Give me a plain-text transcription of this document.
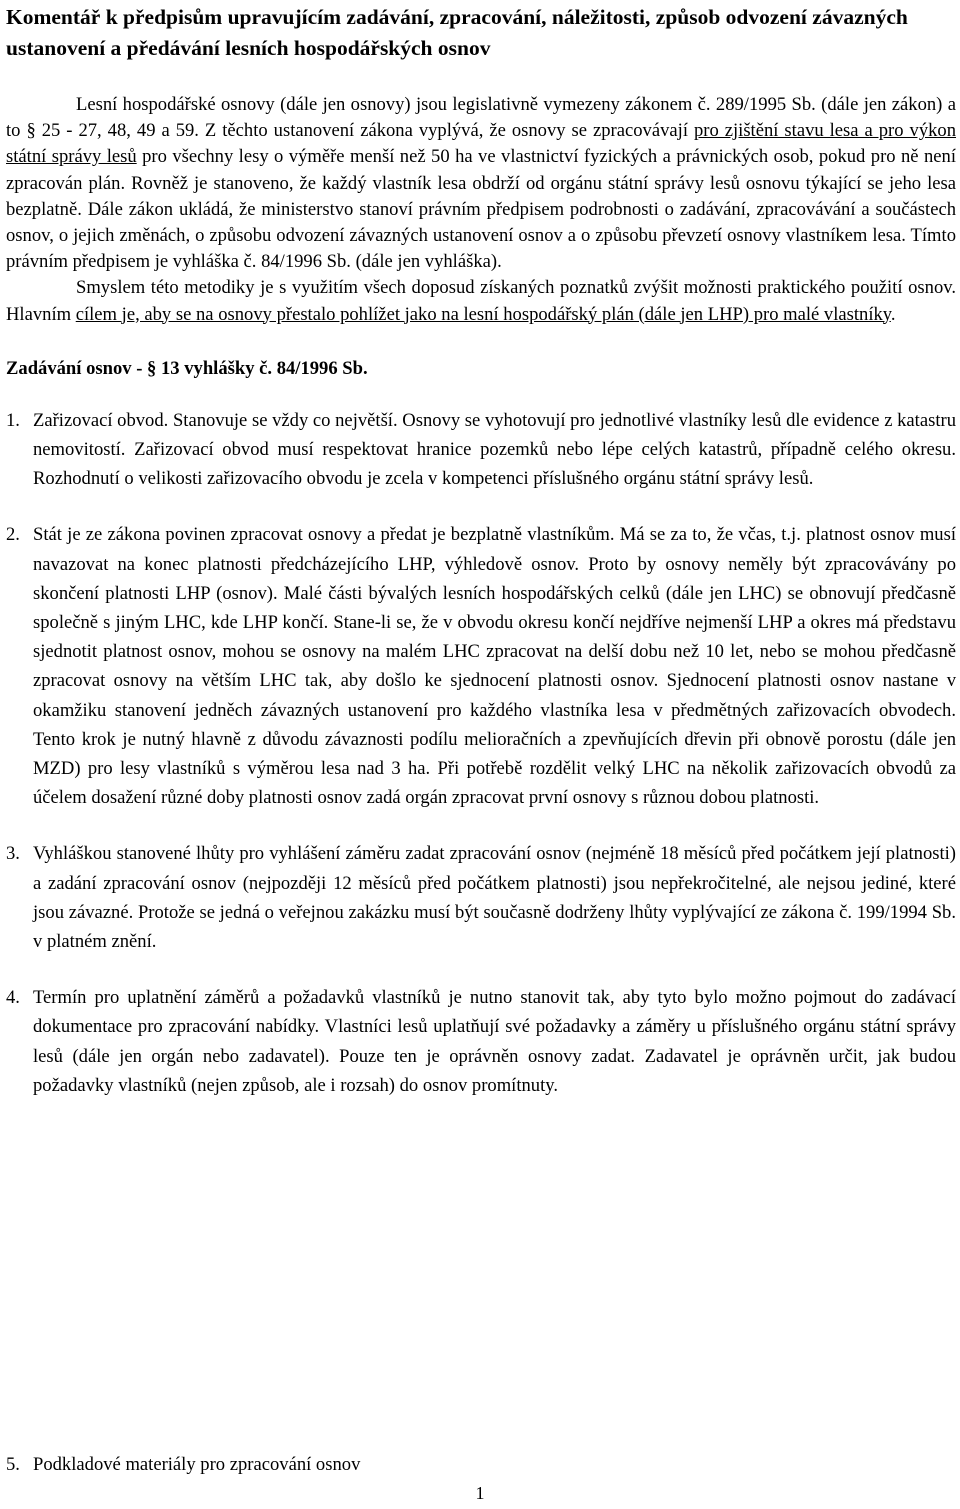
Komentář k předpisům upravujícím zadávání, zpracování, náležitosti, způsob odvození závazných ustanovení a předávání lesních hospodářských osnov

Lesní hospodářské osnovy (dále jen osnovy) jsou legislativně vymezeny zákonem č. 289/1995 Sb. (dále jen zákon) a to § 25 - 27, 48, 49 a 59. Z těchto ustanovení zákona vyplývá, že osnovy se zpracovávají pro zjištění stavu lesa a pro výkon státní správy lesů pro všechny lesy o výměře menší než 50 ha ve vlastnictví fyzických a právnických osob, pokud pro ně není zpracován plán. Rovněž je stanoveno, že každý vlastník lesa obdrží od orgánu státní správy lesů osnovu týkající se jeho lesa bezplatně. Dále zákon ukládá, že ministerstvo stanoví právním předpisem podrobnosti o zadávání, zpracovávání a součástech osnov, o jejich změnách, o způsobu odvození závazných ustanovení osnov a o způsobu převzetí osnovy vlastníkem lesa. Tímto právním předpisem je vyhláška č. 84/1996 Sb. (dále jen vyhláška).

Smyslem této metodiky je s využitím všech doposud získaných poznatků zvýšit možnosti praktického použití osnov. Hlavním cílem je, aby se na osnovy přestalo pohlížet jako na lesní hospodářský plán (dále jen LHP) pro malé vlastníky.

Zadávání osnov - § 13 vyhlášky č. 84/1996 Sb.
1. Zařizovací obvod. Stanovuje se vždy co největší. Osnovy se vyhotovují pro jednotlivé vlastníky lesů dle evidence z katastru nemovitostí. Zařizovací obvod musí respektovat hranice pozemků nebo lépe celých katastrů, případně celého okresu. Rozhodnutí o velikosti zařizovacího obvodu je zcela v kompetenci příslušného orgánu státní správy lesů.
2. Stát je ze zákona povinen zpracovat osnovy a předat je bezplatně vlastníkům. Má se za to, že včas, t.j. platnost osnov musí navazovat na konec platnosti předcházejícího LHP, výhledově osnov. Proto by osnovy neměly být zpracovávány po skončení platnosti LHP (osnov). Malé části bývalých lesních hospodářských celků (dále jen LHC) se obnovují předčasně společně s jiným LHC, kde LHP končí. Stane-li se, že v obvodu okresu končí nejdříve nejmenší LHP a okres má představu sjednotit platnost osnov, mohou se osnovy na malém LHC zpracovat na delší dobu než 10 let, nebo se mohou předčasně zpracovat osnovy na větším LHC tak, aby došlo ke sjednocení platnosti osnov. Sjednocení platnosti osnov nastane v okamžiku stanovení jedněch závazných ustanovení pro každého vlastníka lesa v předmětných zařizovacích obvodech. Tento krok je nutný hlavně z důvodu závaznosti podílu melioračních a zpevňujících dřevin při obnově porostu (dále jen MZD) pro lesy vlastníků s výměrou lesa nad 3 ha. Při potřebě rozdělit velký LHC na několik zařizovacích obvodů za účelem dosažení různé doby platnosti osnov zadá orgán zpracovat první osnovy s různou dobou platnosti.
3. Vyhláškou stanovené lhůty pro vyhlášení záměru zadat zpracování osnov (nejméně 18 měsíců před počátkem její platnosti) a zadání zpracování osnov (nejpozději 12 měsíců před počátkem platnosti) jsou nepřekročitelné, ale nejsou jediné, které jsou závazné. Protože se jedná o veřejnou zakázku musí být současně dodrženy lhůty vyplývající ze zákona č. 199/1994 Sb. v platném znění.
4. Termín pro uplatnění záměrů a požadavků vlastníků je nutno stanovit tak, aby tyto bylo možno pojmout do zadávací dokumentace pro zpracování nabídky. Vlastníci lesů uplatňují své požadavky a záměry u příslušného orgánu státní správy lesů (dále jen orgán nebo zadavatel). Pouze ten je oprávněn osnovy zadat. Zadavatel je oprávněn určit, jak budou požadavky vlastníků (nejen způsob, ale i rozsah) do osnov promítnuty.
5. Podkladové materiály pro zpracování osnov
1
